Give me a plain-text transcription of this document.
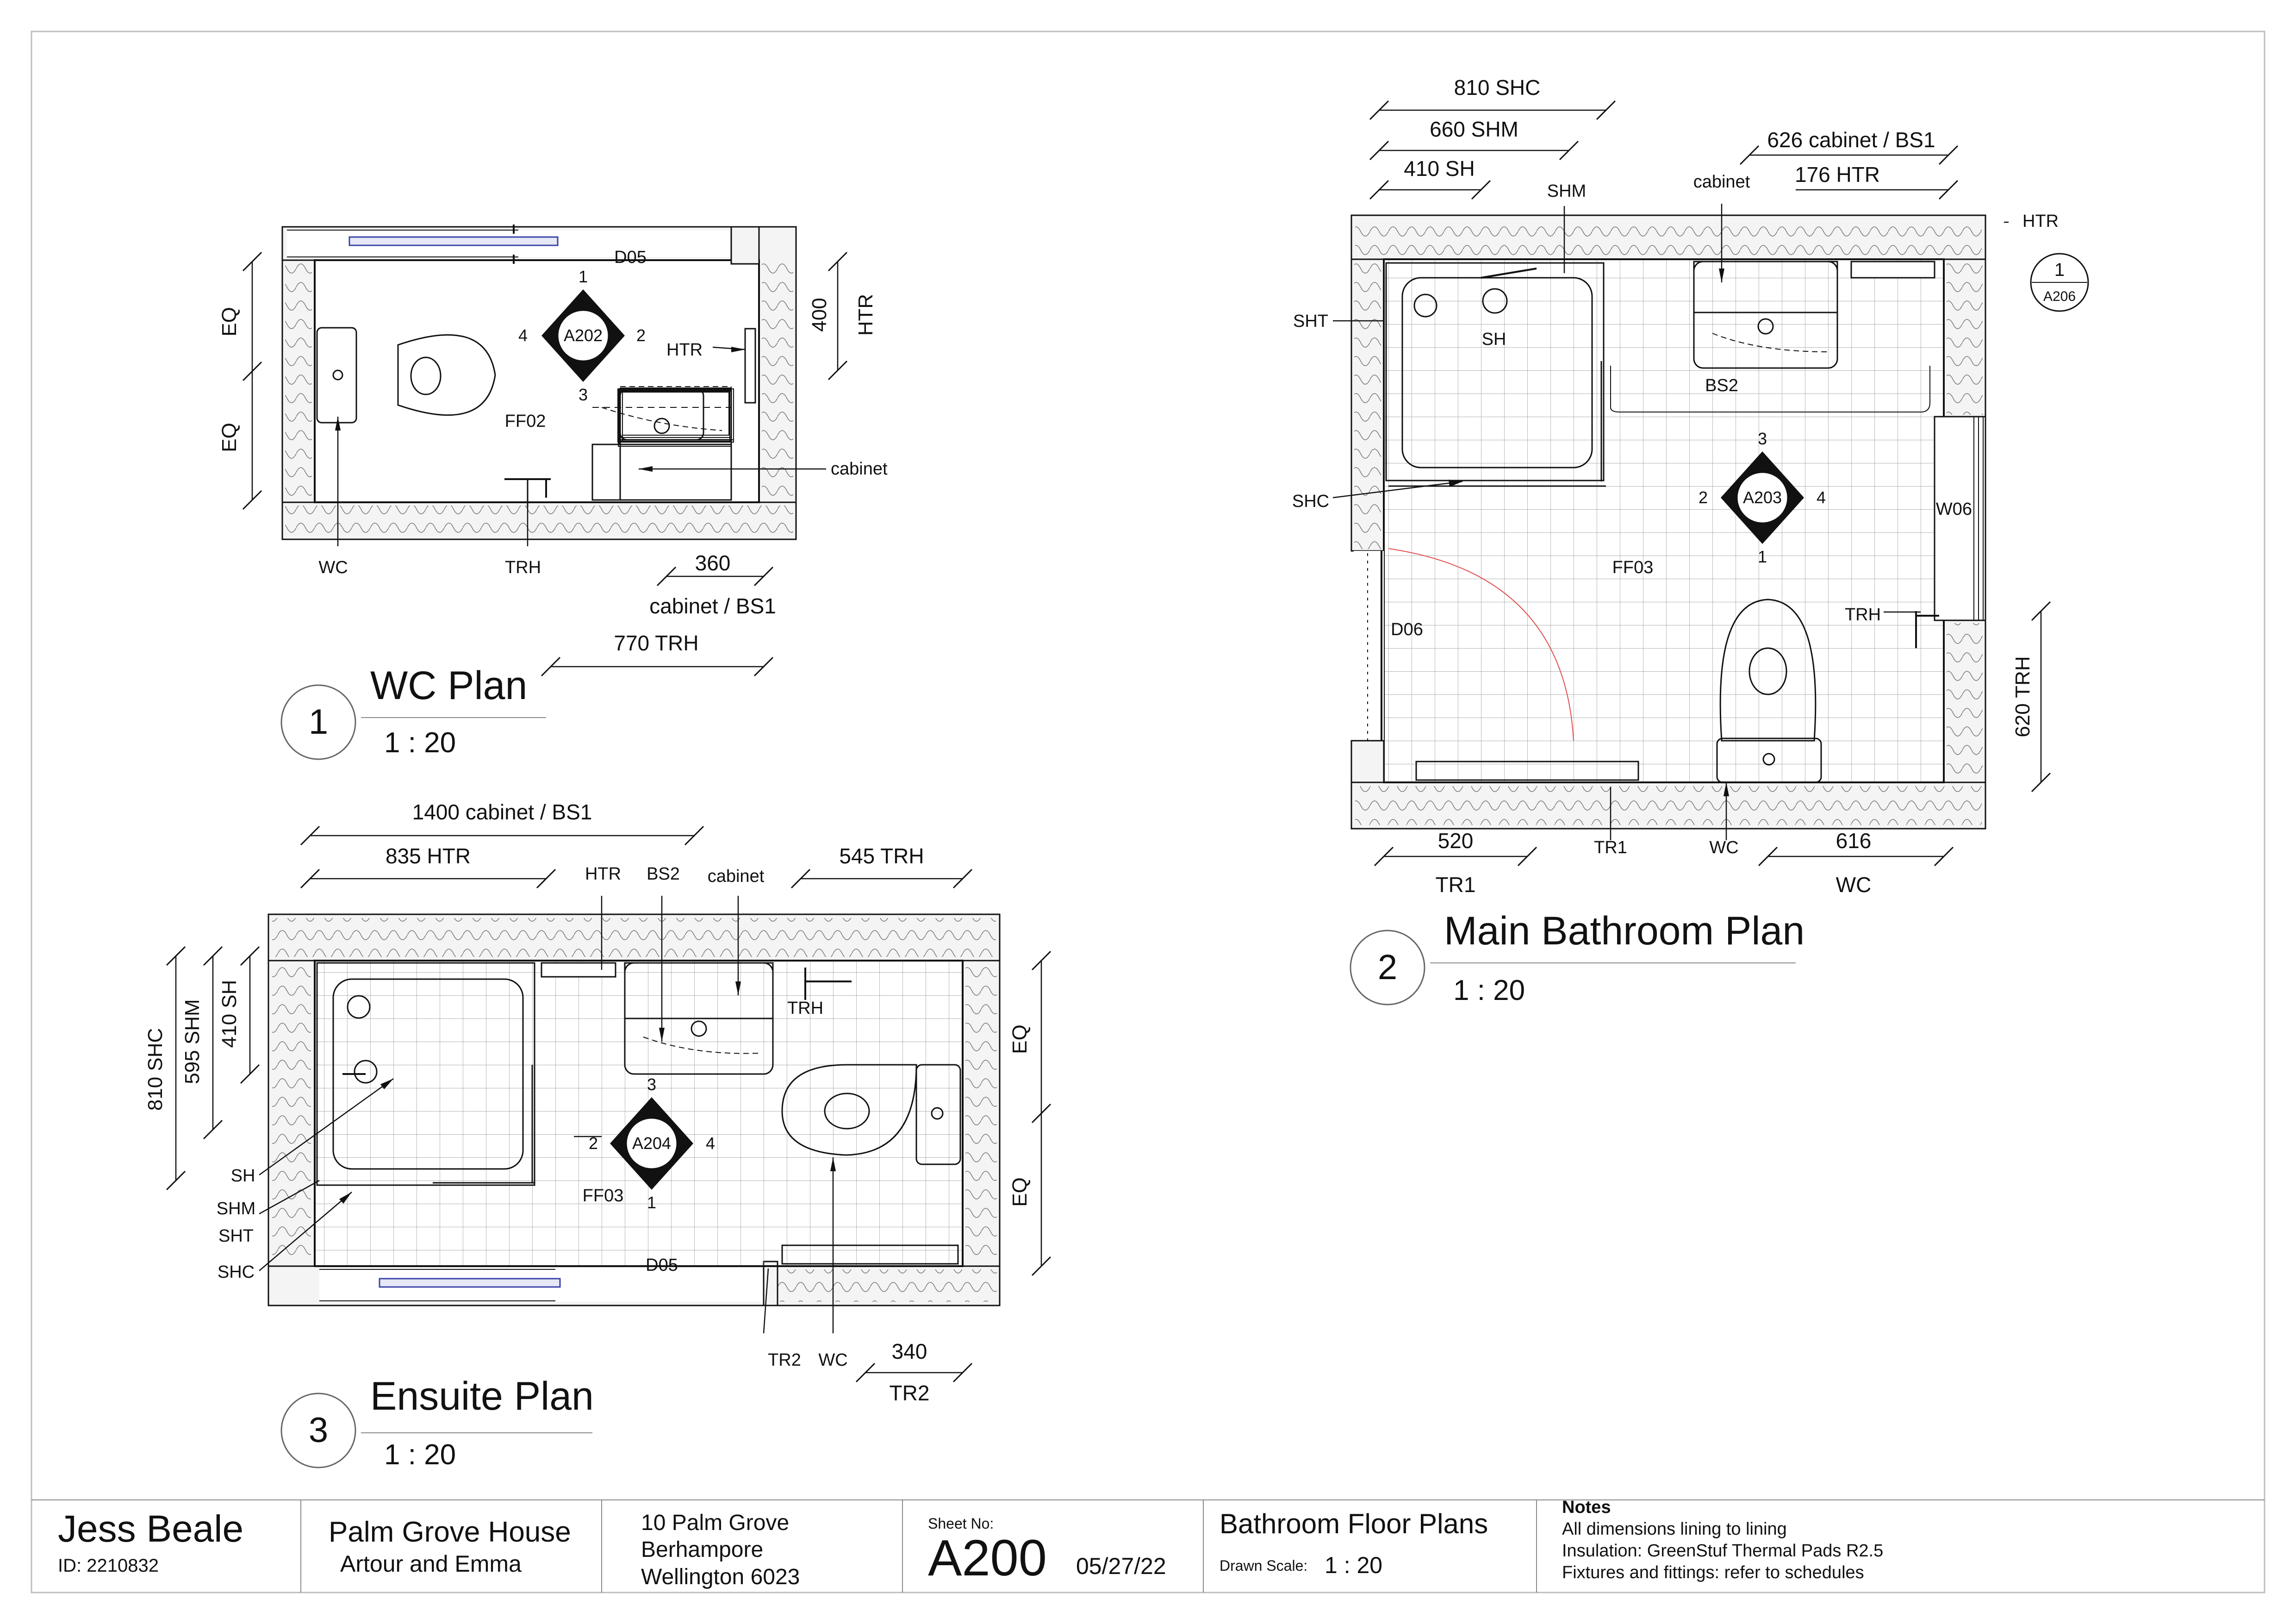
WC Plan
1 : 20
1
A202
1
2
3
4
FF02
D05
HTR
cabinet
WC	TRH
EQ
EQ
400 HTR
360
cabinet / BS1
770 TRH
Main Bathroom Plan
1 : 20
2
A203
3
2	4
1
FF03
D06
W06
1
A206
SHM	cabinet
HTR
SHT
SH
BS2
SHC
TRH
TR1	WC
810 SHC
660 SHM
410 SH
626 cabinet / BS1
176 HTR
520
TR1
616
WC
620 TRH
Ensuite Plan
1 : 20
3
A204
3
2	4
1
FF03
D05
HTR BS2 cabinet
TRH
SH
SHM
SHT
SHC
TR2 WC
1400 cabinet / BS1
835 HTR	545 TRH
810 SHC 595 SHM 410 SH	EQ
EQ
340
TR2
Jess Beale
ID: 2210832
Palm Grove House
Artour and Emma
10 Palm Grove
Berhampore
Wellington 6023
Sheet No:
A200 05/27/22
Bathroom Floor Plans
Drawn Scale: 1 : 20
Notes
All dimensions lining to lining
Insulation: GreenStuf Thermal Pads R2.5
Fixtures and fittings: refer to schedules
